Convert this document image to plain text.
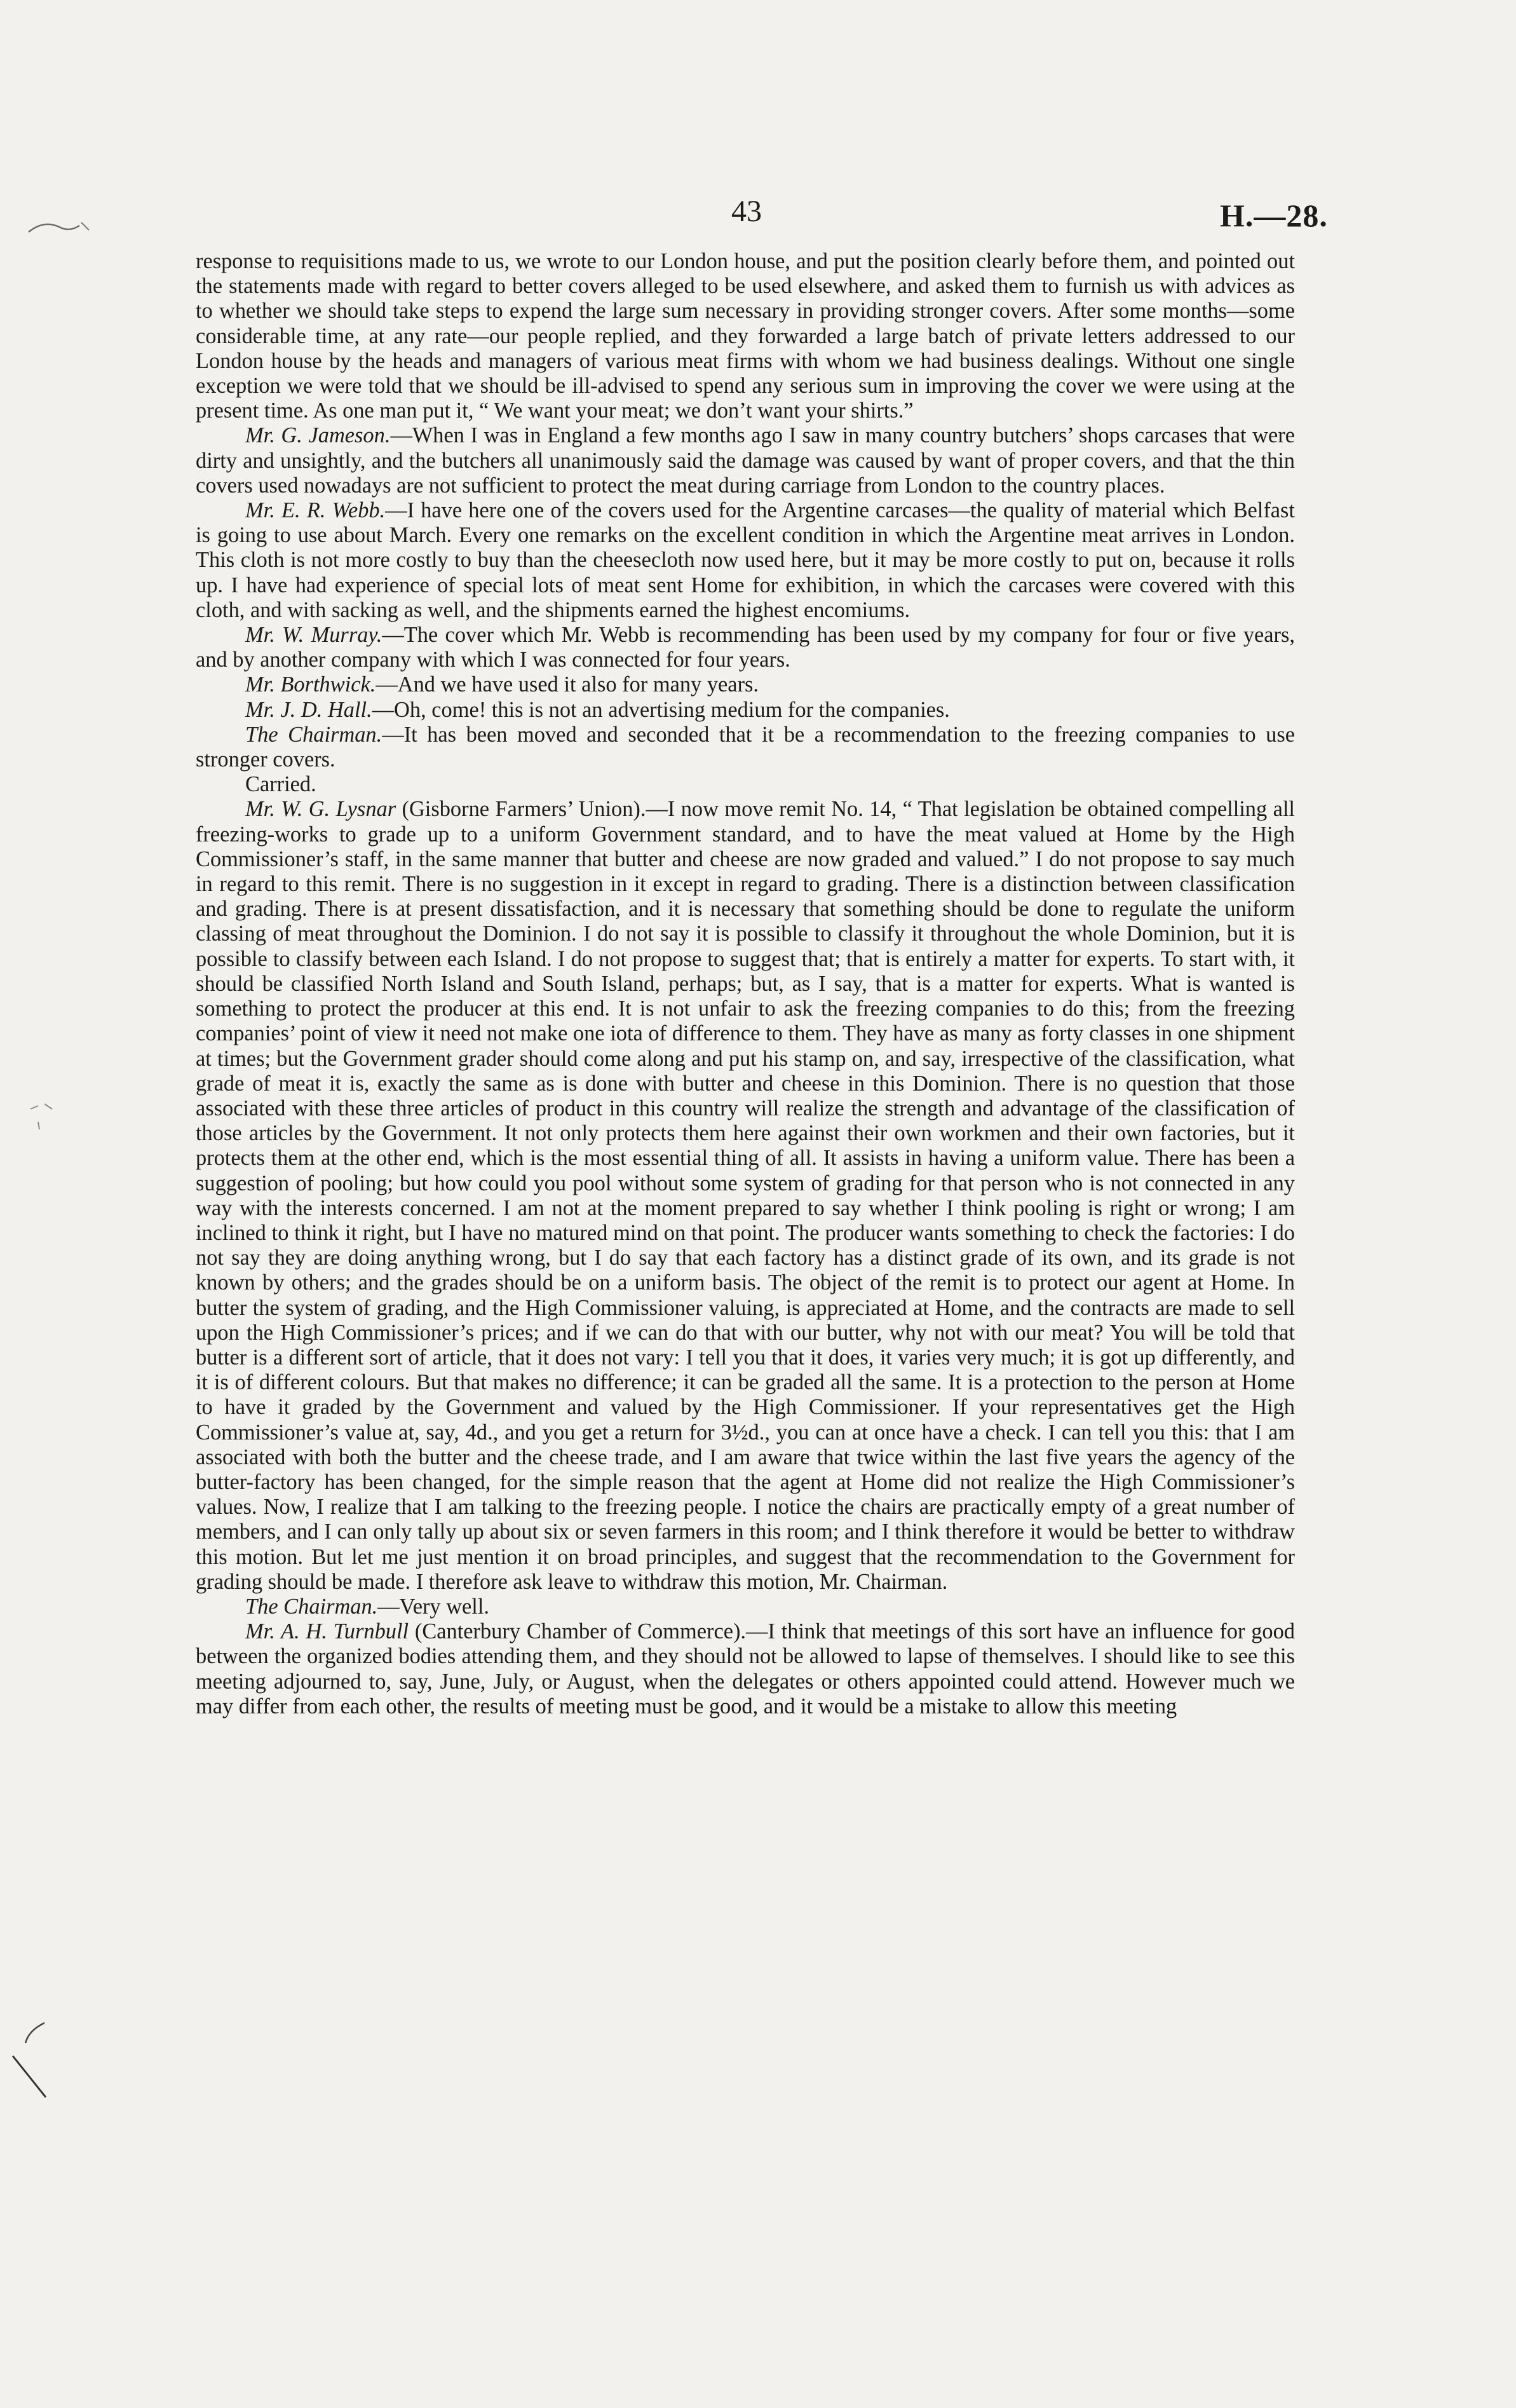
43	H.—28.

response to requisitions made to us, we wrote to our London house, and put the position clearly before them, and pointed out the statements made with regard to better covers alleged to be used elsewhere, and asked them to furnish us with advices as to whether we should take steps to expend the large sum necessary in providing stronger covers. After some months—some considerable time, at any rate—our people replied, and they forwarded a large batch of private letters addressed to our London house by the heads and managers of various meat firms with whom we had business dealings. Without one single exception we were told that we should be ill-advised to spend any serious sum in improving the cover we were using at the present time. As one man put it, “ We want your meat; we don’t want your shirts.”

Mr. G. Jameson.—When I was in England a few months ago I saw in many country butchers’ shops carcases that were dirty and unsightly, and the butchers all unanimously said the damage was caused by want of proper covers, and that the thin covers used nowadays are not sufficient to protect the meat during carriage from London to the country places.

Mr. E. R. Webb.—I have here one of the covers used for the Argentine carcases—the quality of material which Belfast is going to use about March. Every one remarks on the excellent condition in which the Argentine meat arrives in London. This cloth is not more costly to buy than the cheesecloth now used here, but it may be more costly to put on, because it rolls up. I have had experience of special lots of meat sent Home for exhibition, in which the carcases were covered with this cloth, and with sacking as well, and the shipments earned the highest encomiums.

Mr. W. Murray.—The cover which Mr. Webb is recommending has been used by my company for four or five years, and by another company with which I was connected for four years.

Mr. Borthwick.—And we have used it also for many years.

Mr. J. D. Hall.—Oh, come! this is not an advertising medium for the companies.

The Chairman.—It has been moved and seconded that it be a recommendation to the freezing companies to use stronger covers.

Carried.

Mr. W. G. Lysnar (Gisborne Farmers’ Union).—I now move remit No. 14, “ That legislation be obtained compelling all freezing-works to grade up to a uniform Government standard, and to have the meat valued at Home by the High Commissioner’s staff, in the same manner that butter and cheese are now graded and valued.” I do not propose to say much in regard to this remit. There is no suggestion in it except in regard to grading. There is a distinction between classification and grading. There is at present dissatisfaction, and it is necessary that something should be done to regulate the uniform classing of meat throughout the Dominion. I do not say it is possible to classify it throughout the whole Dominion, but it is possible to classify between each Island. I do not propose to suggest that; that is entirely a matter for experts. To start with, it should be classified North Island and South Island, perhaps; but, as I say, that is a matter for experts. What is wanted is something to protect the producer at this end. It is not unfair to ask the freezing companies to do this; from the freezing companies’ point of view it need not make one iota of difference to them. They have as many as forty classes in one shipment at times; but the Government grader should come along and put his stamp on, and say, irrespective of the classification, what grade of meat it is, exactly the same as is done with butter and cheese in this Dominion. There is no question that those associated with these three articles of product in this country will realize the strength and advantage of the classification of those articles by the Government. It not only protects them here against their own workmen and their own factories, but it protects them at the other end, which is the most essential thing of all. It assists in having a uniform value. There has been a suggestion of pooling; but how could you pool without some system of grading for that person who is not connected in any way with the interests concerned. I am not at the moment prepared to say whether I think pooling is right or wrong; I am inclined to think it right, but I have no matured mind on that point. The producer wants something to check the factories: I do not say they are doing anything wrong, but I do say that each factory has a distinct grade of its own, and its grade is not known by others; and the grades should be on a uniform basis. The object of the remit is to protect our agent at Home. In butter the system of grading, and the High Commissioner valuing, is appreciated at Home, and the contracts are made to sell upon the High Commissioner’s prices; and if we can do that with our butter, why not with our meat? You will be told that butter is a different sort of article, that it does not vary: I tell you that it does, it varies very much; it is got up differently, and it is of different colours. But that makes no difference; it can be graded all the same. It is a protection to the person at Home to have it graded by the Government and valued by the High Commissioner. If your representatives get the High Commissioner’s value at, say, 4d., and you get a return for 3½d., you can at once have a check. I can tell you this: that I am associated with both the butter and the cheese trade, and I am aware that twice within the last five years the agency of the butter-factory has been changed, for the simple reason that the agent at Home did not realize the High Commissioner’s values. Now, I realize that I am talking to the freezing people. I notice the chairs are practically empty of a great number of members, and I can only tally up about six or seven farmers in this room; and I think therefore it would be better to withdraw this motion. But let me just mention it on broad principles, and suggest that the recommendation to the Government for grading should be made. I therefore ask leave to withdraw this motion, Mr. Chairman.

The Chairman.—Very well.

Mr. A. H. Turnbull (Canterbury Chamber of Commerce).—I think that meetings of this sort have an influence for good between the organized bodies attending them, and they should not be allowed to lapse of themselves. I should like to see this meeting adjourned to, say, June, July, or August, when the delegates or others appointed could attend. However much we may differ from each other, the results of meeting must be good, and it would be a mistake to allow this meeting
